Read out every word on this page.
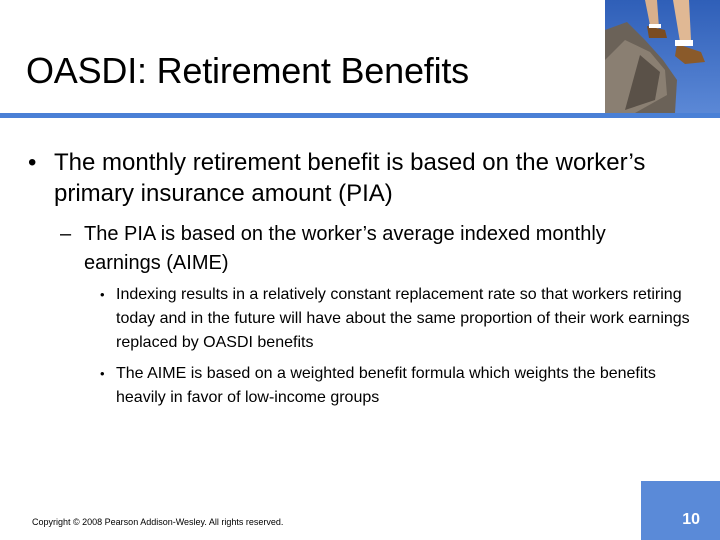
OASDI: Retirement Benefits
• The monthly retirement benefit is based on the worker’s primary insurance amount (PIA)
– The PIA is based on the worker’s average indexed monthly earnings (AIME)
• Indexing results in a relatively constant replacement rate so that workers retiring today and in the future will have about the same proportion of their work earnings replaced by OASDI benefits
• The AIME is based on a weighted benefit formula which weights the benefits heavily in favor of low-income groups
Copyright © 2008 Pearson Addison-Wesley. All rights reserved.	10
